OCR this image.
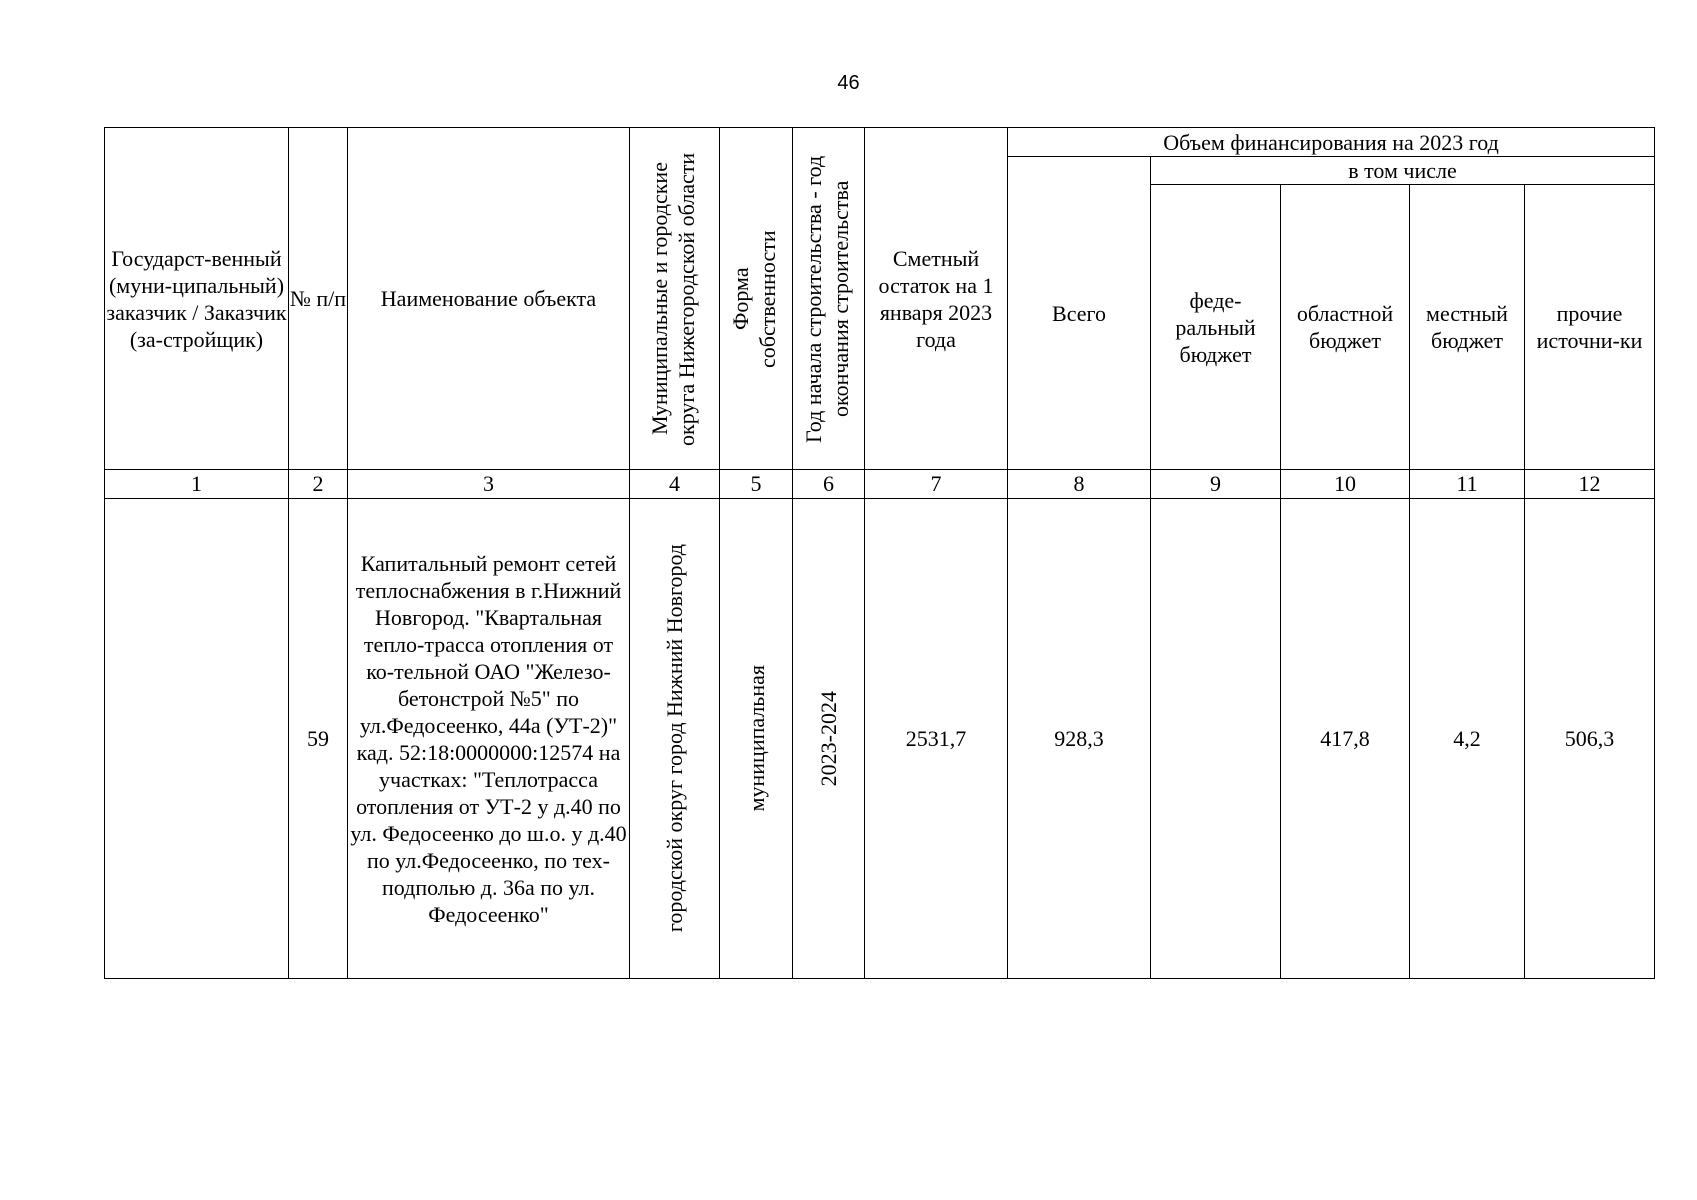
46
Государст-венный (муни-ципальный) заказчик / Заказчик (за-стройщик)	№ п/п	Наименование объекта	Муниципальные и городские округа Нижегородской области	Форма собственности	Год начала строительства - год окончания строительства	Сметный остаток на 1 января 2023 года	Объем финансирования на 2023 год				
							Всего	в том числе			
								феде-ральный бюджет	областной бюджет	местный бюджет	прочие источни-ки
1	2	3	4	5	6	7	8	9	10	11	12
	59	Капитальный ремонт сетей теплоснабжения в г.Нижний Новгород. "Квартальная тепло-трасса отопления от ко-тельной ОАО "Железо-бетонстрой №5" по ул.Федосеенко, 44а (УТ-2)" кад. 52:18:0000000:12574 на участках: "Теплотрасса отопления от УТ-2 у д.40 по ул. Федосеенко до ш.о. у д.40 по ул.Федосеенко, по тех-подполью д. 36а по ул. Федосеенко"	городской округ город Нижний Новгород	муниципальная	2023-2024	2531,7	928,3		417,8	4,2	506,3
